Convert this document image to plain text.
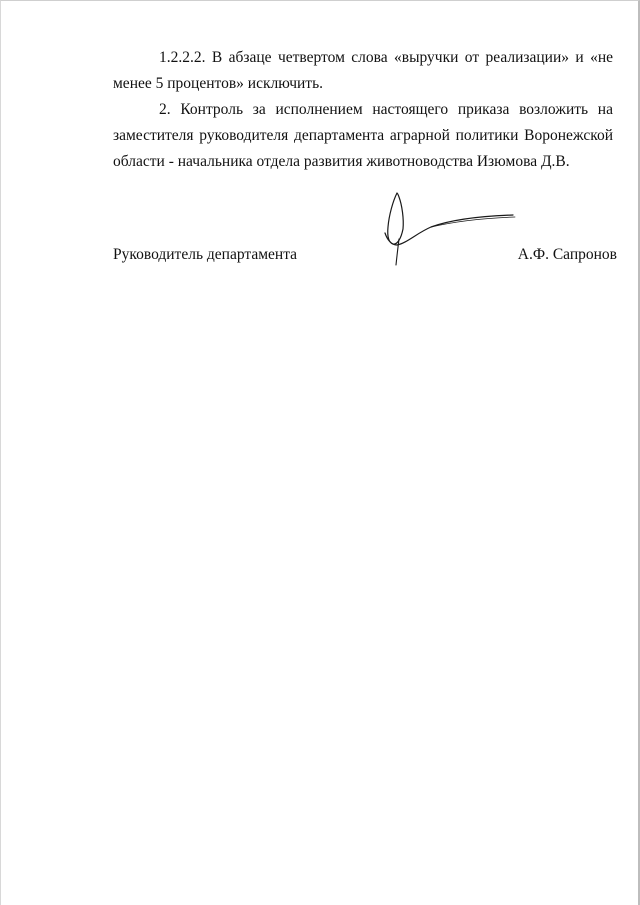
1.2.2.2. В абзаце четвертом слова «выручки от реализации» и «не менее 5 процентов» исключить.

2. Контроль за исполнением настоящего приказа возложить на заместителя руководителя департамента аграрной политики Воронежской области - начальника отдела развития животноводства Изюмова Д.В.

Руководитель департамента	А.Ф. Сапронов
